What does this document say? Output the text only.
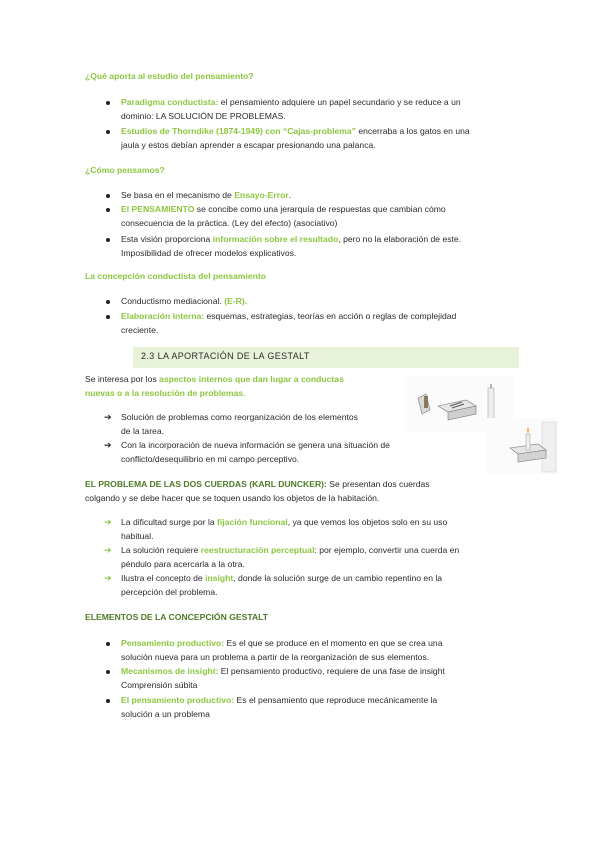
¿Qué aporta al estudio del pensamiento?
Paradigma conductista: el pensamiento adquiere un papel secundario y se reduce a un
dominio: LA SOLUCIÓN DE PROBLEMAS.
Estudios de Thorndike (1874-1949) con “Cajas-problema” encerraba a los gatos en una
jaula y estos debían aprender a escapar presionando una palanca.
¿Cómo pensamos?
Se basa en el mecanismo de Ensayo-Error.
El PENSAMIENTO se concibe como una jerarquía de respuestas que cambian cómo
consecuencia de la práctica. (Ley del efecto) (asociativo)
Esta visión proporciona información sobre el resultado, pero no la elaboración de este.
Imposibilidad de ofrecer modelos explicativos.
La concepción conductista del pensamiento
Conductismo mediacional. (E-R).
Elaboración interna: esquemas, estrategias, teorías en acción o reglas de complejidad
creciente.
2.3 LA APORTACIÓN DE LA GESTALT
Se interesa por los aspectos internos que dan lugar a conductas
nuevas o a la resolución de problemas.
➔ Solución de problemas como reorganización de los elementos
de la tarea.
➔ Con la incorporación de nueva información se genera una situación de
conflicto/desequilibrio en mi campo perceptivo.
EL PROBLEMA DE LAS DOS CUERDAS (KARL DUNCKER): Se presentan dos cuerdas
colgando y se debe hacer que se toquen usando los objetos de la habitación.
➔ La dificultad surge por la fijación funcional, ya que vemos los objetos solo en su uso
habitual.
➔ La solución requiere reestructuración perceptual: por ejemplo, convertir una cuerda en
péndulo para acercarla a la otra.
➔ Ilustra el concepto de insight, donde la solución surge de un cambio repentino en la
percepción del problema.
ELEMENTOS DE LA CONCEPCIÓN GESTALT
Pensamiento productivo: Es el que se produce en el momento en que se crea una
solución nueva para un problema a partir de la reorganización de sus elementos.
Mecanismos de insight: El pensamiento productivo, requiere de una fase de insight
Comprensión súbita
El pensamiento productivo: Es el pensamiento que reproduce mecánicamente la
solución a un problema
